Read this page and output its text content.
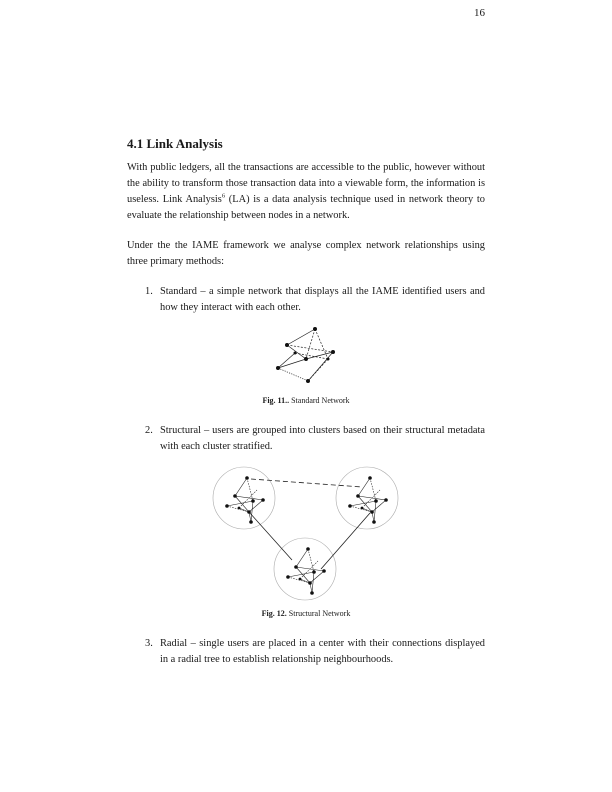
16
4.1 Link Analysis

With public ledgers, all the transactions are accessible to the public, however without the ability to transform those transaction data into a viewable form, the information is useless. Link Analysis$^6$ (LA) is a data analysis technique used in network theory to evaluate the relationship between nodes in a network.

Under the the IAME framework we analyse complex network relationships using three primary methods:

1. Standard – a simple network that displays all the IAME identified users and how they interact with each other.
Fig. 11.. Standard Network
2. Structural – users are grouped into clusters based on their structural metadata with each cluster stratified.
Fig. 12. Structural Network
3. Radial – single users are placed in a center with their connections displayed in a radial tree to establish relationship neighbourhoods.
